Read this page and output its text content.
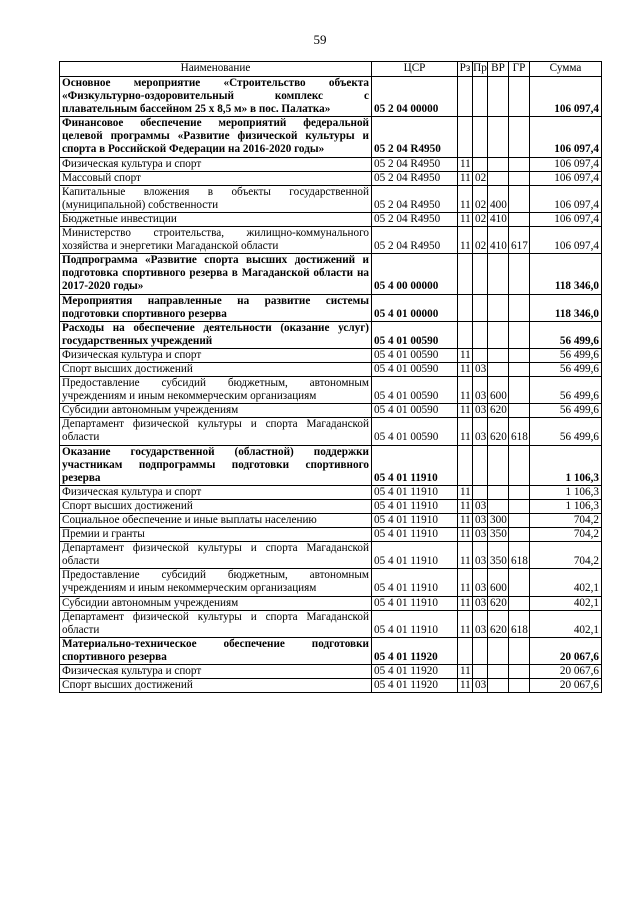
59
Наименование	ЦСР	Рз	Пр	ВР	ГР	Сумма
Основное мероприятие «Строительство объекта «Физкультурно-оздоровительный комплекс с плавательным бассейном 25 х 8,5 м» в пос. Палатка»	05 2 04 00000					106 097,4
Финансовое обеспечение мероприятий федеральной целевой программы «Развитие физической культуры и спорта в Российской Федерации на 2016-2020 годы»	05 2 04 R4950					106 097,4
Физическая культура и спорт	05 2 04 R4950	11				106 097,4
Массовый спорт	05 2 04 R4950	11	02			106 097,4
Капитальные вложения в объекты государственной (муниципальной) собственности	05 2 04 R4950	11	02	400		106 097,4
Бюджетные инвестиции	05 2 04 R4950	11	02	410		106 097,4
Министерство строительства, жилищно-коммунального хозяйства и энергетики Магаданской области	05 2 04 R4950	11	02	410	617	106 097,4
Подпрограмма «Развитие спорта высших достижений и подготовка спортивного резерва в Магаданской области на 2017-2020 годы»	05 4 00 00000					118 346,0
Мероприятия направленные на развитие системы подготовки спортивного резерва	05 4 01 00000					118 346,0
Расходы на обеспечение деятельности (оказание услуг) государственных учреждений	05 4 01 00590					56 499,6
Физическая культура и спорт	05 4 01 00590	11				56 499,6
Спорт высших достижений	05 4 01 00590	11	03			56 499,6
Предоставление субсидий бюджетным, автономным учреждениям и иным некоммерческим организациям	05 4 01 00590	11	03	600		56 499,6
Субсидии автономным учреждениям	05 4 01 00590	11	03	620		56 499,6
Департамент физической культуры и спорта Магаданской области	05 4 01 00590	11	03	620	618	56 499,6
Оказание государственной (областной) поддержки участникам подпрограммы подготовки спортивного резерва	05 4 01 11910					1 106,3
Физическая культура и спорт	05 4 01 11910	11				1 106,3
Спорт высших достижений	05 4 01 11910	11	03			1 106,3
Социальное обеспечение и иные выплаты населению	05 4 01 11910	11	03	300		704,2
Премии и гранты	05 4 01 11910	11	03	350		704,2
Департамент физической культуры и спорта Магаданской области	05 4 01 11910	11	03	350	618	704,2
Предоставление субсидий бюджетным, автономным учреждениям и иным некоммерческим организациям	05 4 01 11910	11	03	600		402,1
Субсидии автономным учреждениям	05 4 01 11910	11	03	620		402,1
Департамент физической культуры и спорта Магаданской области	05 4 01 11910	11	03	620	618	402,1
Материально-техническое обеспечение подготовки спортивного резерва	05 4 01 11920					20 067,6
Физическая культура и спорт	05 4 01 11920	11				20 067,6
Спорт высших достижений	05 4 01 11920	11	03			20 067,6
